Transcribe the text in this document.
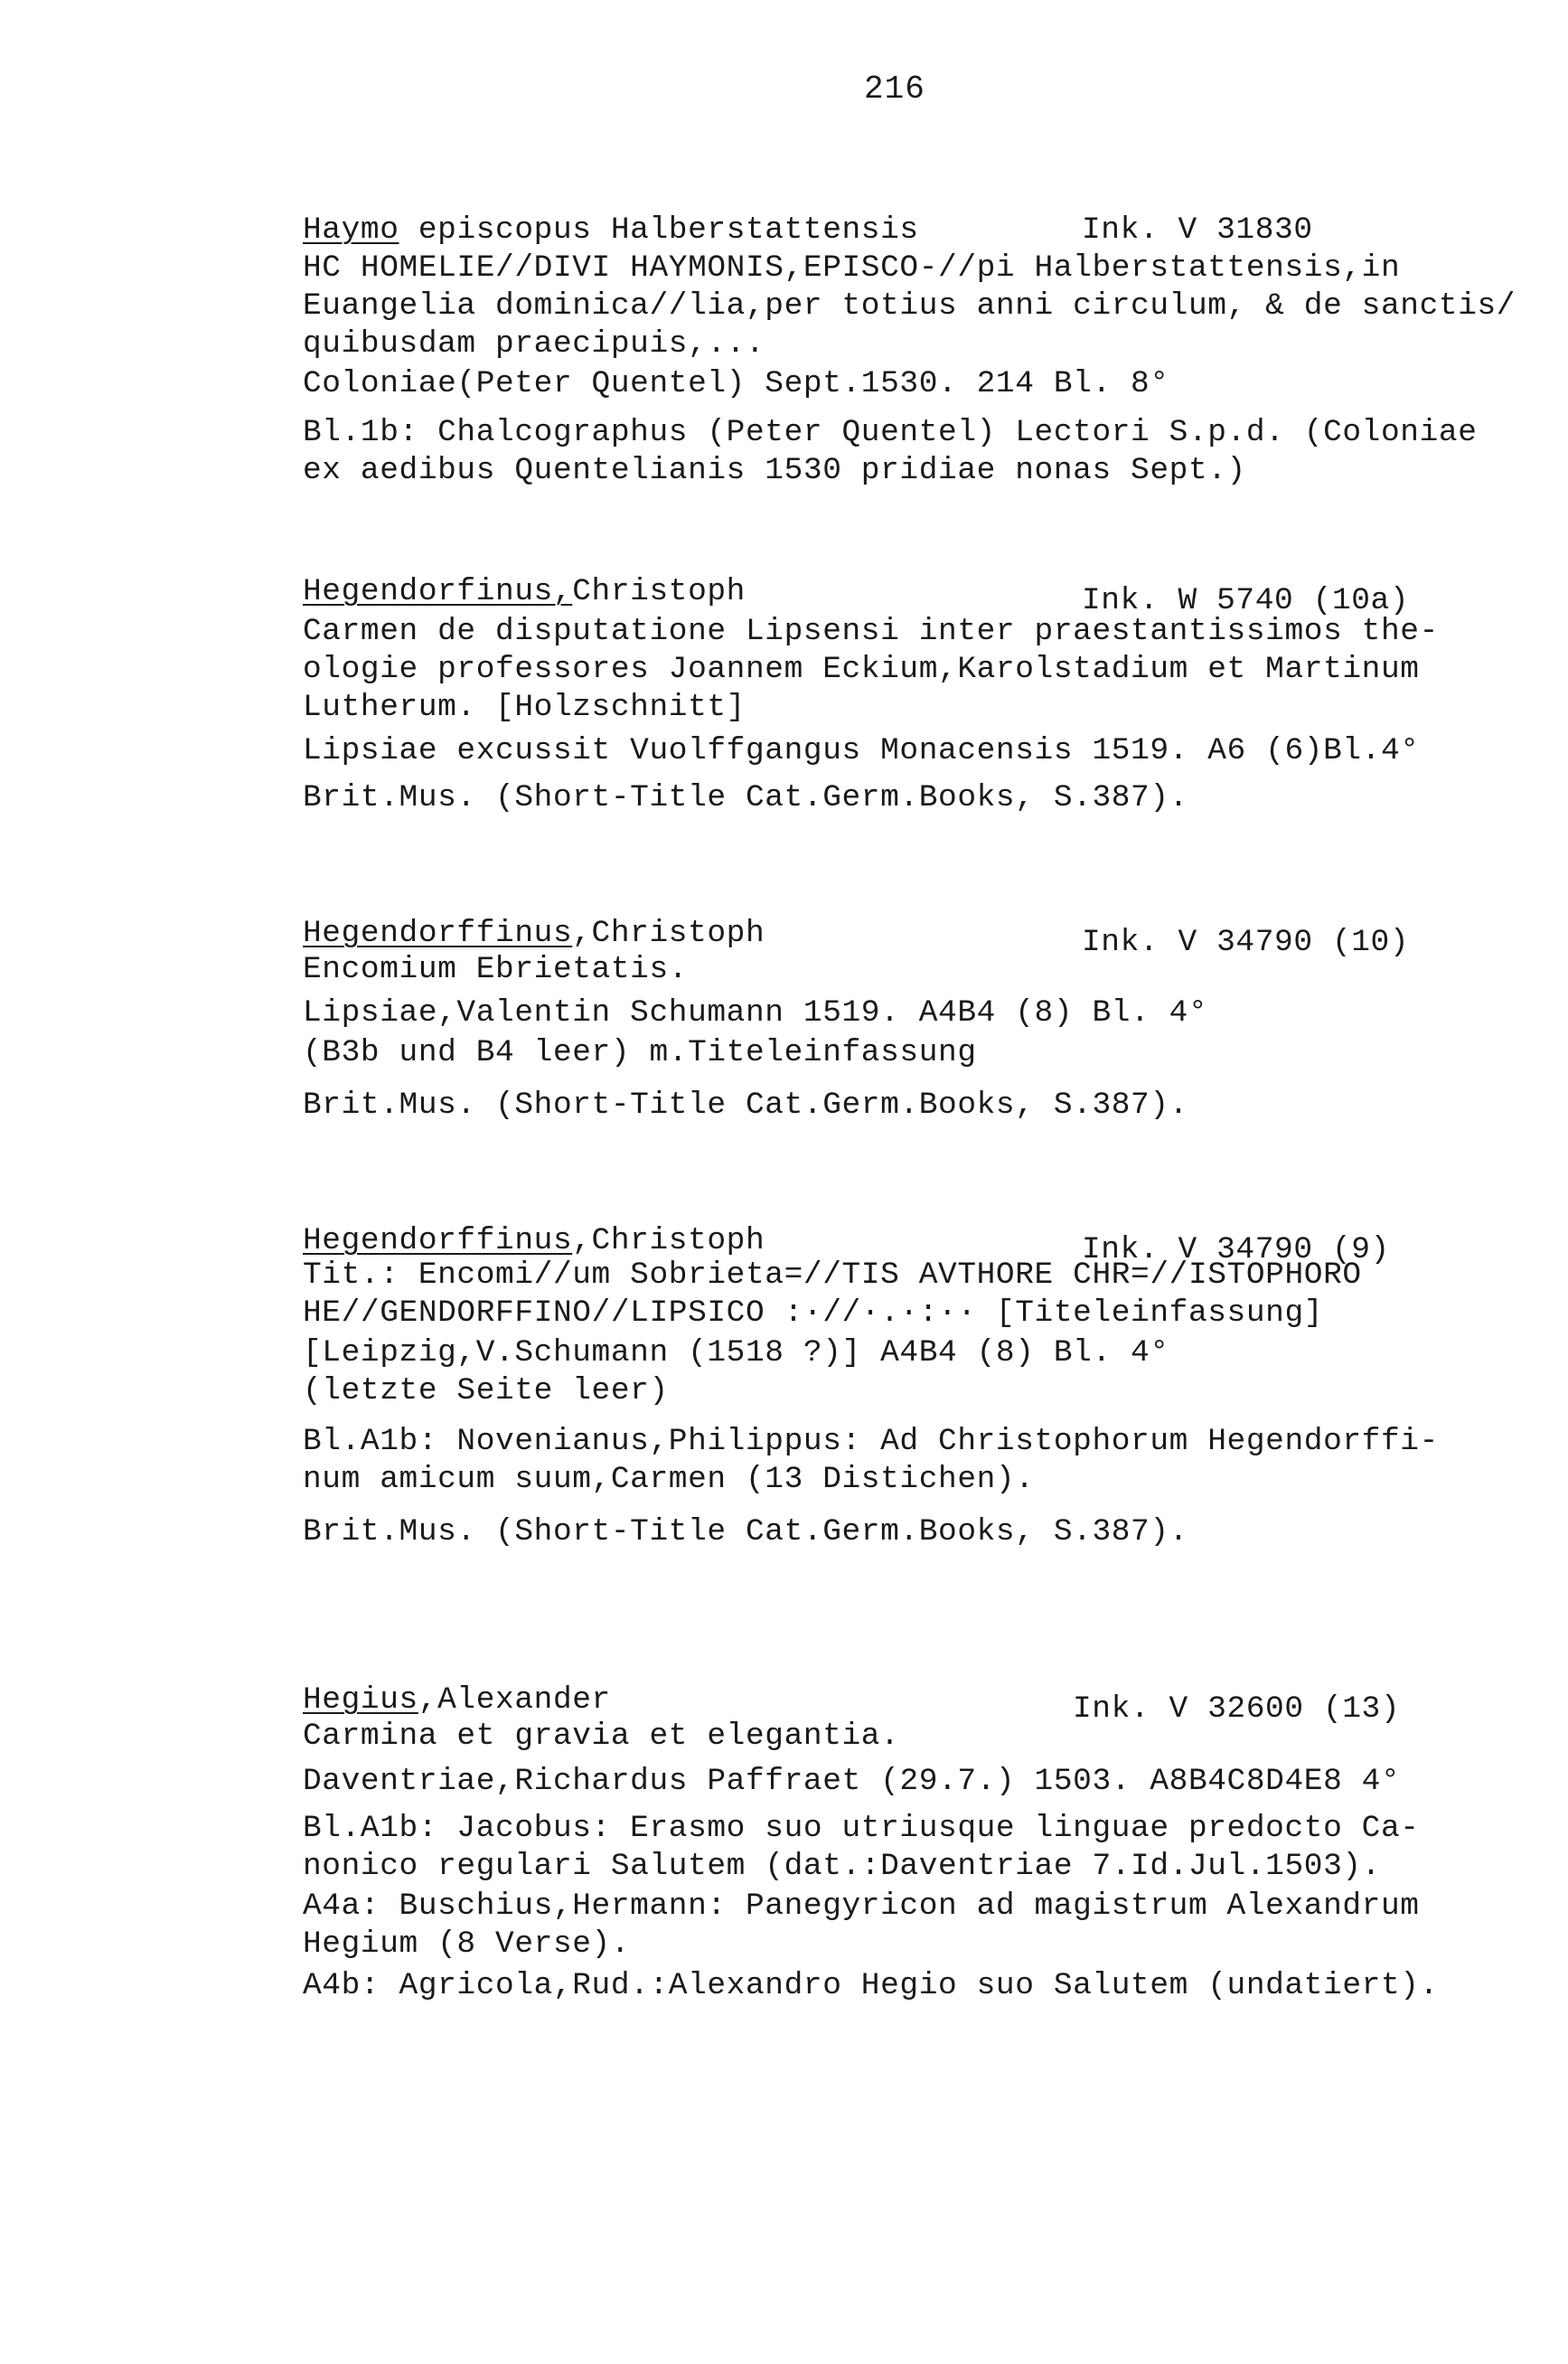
216
Haymo episcopus Halberstattensis	Ink. V 31830
HC HOMELIE//DIVI HAYMONIS,EPISCO-//pi Halberstattensis,in
Euangelia dominica//lia,per totius anni circulum, & de sanctis/
quibusdam praecipuis,...
Coloniae(Peter Quentel) Sept.1530. 214 Bl. 8°
Bl.1b: Chalcographus (Peter Quentel) Lectori S.p.d. (Coloniae
ex aedibus Quentelianis 1530 pridiae nonas Sept.)
Hegendorfinus,Christoph	Ink. W 5740 (10a)
Carmen de disputatione Lipsensi inter praestantissimos the-
ologie professores Joannem Eckium,Karolstadium et Martinum
Lutherum. [Holzschnitt]
Lipsiae excussit Vuolffgangus Monacensis 1519. A6 (6)Bl.4°
Brit.Mus. (Short-Title Cat.Germ.Books, S.387).
Hegendorffinus,Christoph	Ink. V 34790 (10)
Encomium Ebrietatis.
Lipsiae,Valentin Schumann 1519. A4B4 (8) Bl. 4°
(B3b und B4 leer) m.Titeleinfassung
Brit.Mus. (Short-Title Cat.Germ.Books, S.387).
Hegendorffinus,Christoph	Ink. V 34790 (9)
Tit.: Encomi//um Sobrieta=//TIS AVTHORE CHR=//ISTOPHORO
HE//GENDORFFINO//LIPSICO :·//·.·:·· [Titeleinfassung]
[Leipzig,V.Schumann (1518 ?)] A4B4 (8) Bl. 4°
(letzte Seite leer)
Bl.A1b: Novenianus,Philippus: Ad Christophorum Hegendorffi-
num amicum suum,Carmen (13 Distichen).
Brit.Mus. (Short-Title Cat.Germ.Books, S.387).
Hegius,Alexander	Ink. V 32600 (13)
Carmina et gravia et elegantia.
Daventriae,Richardus Paffraet (29.7.) 1503. A8B4C8D4E8 4°
Bl.A1b: Jacobus: Erasmo suo utriusque linguae predocto Ca-
nonico regulari Salutem (dat.:Daventriae 7.Id.Jul.1503).
A4a: Buschius,Hermann: Panegyricon ad magistrum Alexandrum
Hegium (8 Verse).
A4b: Agricola,Rud.:Alexandro Hegio suo Salutem (undatiert).
